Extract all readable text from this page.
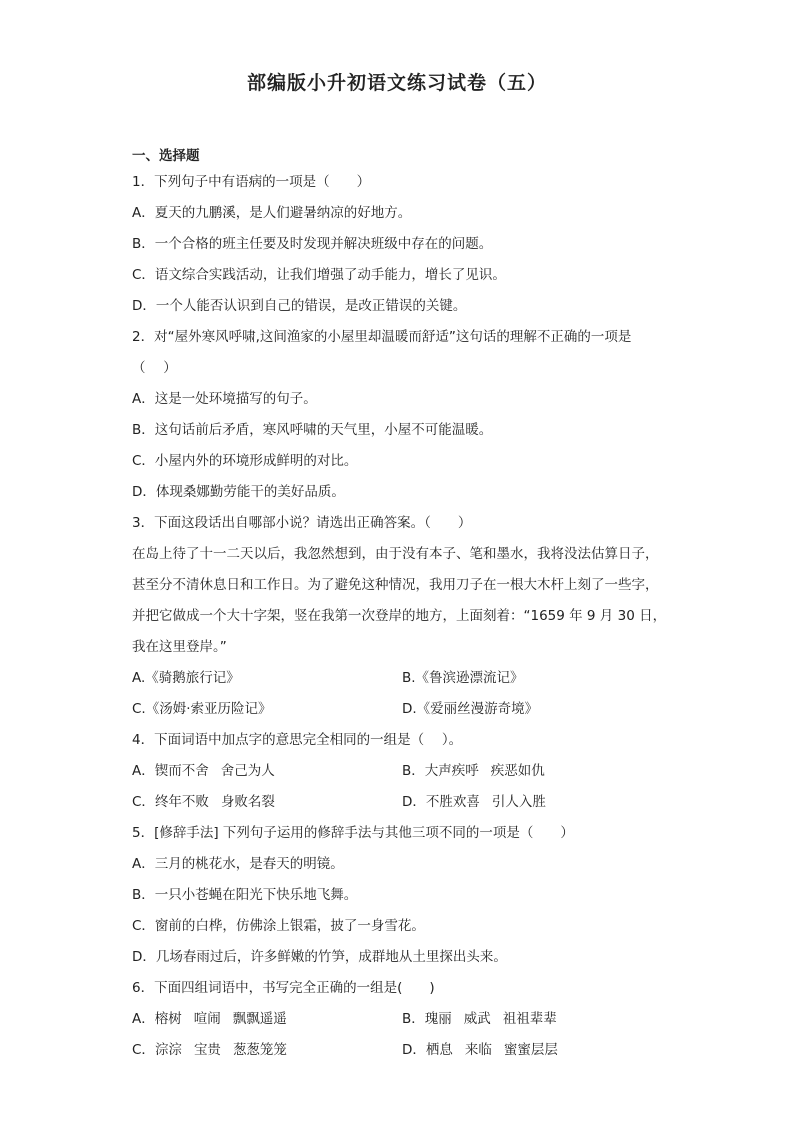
部编版小升初语文练习试卷（五）
一、选择题
1．下列句子中有语病的一项是（　　）
A．夏天的九鹏溪，是人们避暑纳凉的好地方。
B．一个合格的班主任要及时发现并解决班级中存在的问题。
C．语文综合实践活动，让我们增强了动手能力，增长了见识。
D．一个人能否认识到自己的错误，是改正错误的关键。
2．对“屋外寒风呼啸,这间渔家的小屋里却温暖而舒适”这句话的理解不正确的一项是
（　 ）
A．这是一处环境描写的句子。
B．这句话前后矛盾，寒风呼啸的天气里，小屋不可能温暖。
C．小屋内外的环境形成鲜明的对比。
D．体现桑娜勤劳能干的美好品质。
3．下面这段话出自哪部小说？请选出正确答案。（　　）
在岛上待了十一二天以后，我忽然想到，由于没有本子、笔和墨水，我将没法估算日子，
甚至分不清休息日和工作日。为了避免这种情况，我用刀子在一根大木杆上刻了一些字，
并把它做成一个大十字架，竖在我第一次登岸的地方，上面刻着：“1659 年 9 月 30 日，
我在这里登岸。”
A.《骑鹅旅行记》	B.《鲁滨逊漂流记》
C.《汤姆·索亚历险记》	D.《爱丽丝漫游奇境》
4．下面词语中加点字的意思完全相同的一组是（　 ）。
A．锲而不舍 舍己为人	B．大声疾呼 疾恶如仇
C．终年不败 身败名裂	D．不胜欢喜 引人入胜
5．[修辞手法] 下列句子运用的修辞手法与其他三项不同的一项是（　　）
A．三月的桃花水，是春天的明镜。
B．一只小苍蝇在阳光下快乐地飞舞。
C．窗前的白桦，仿佛涂上银霜，披了一身雪花。
D．几场春雨过后，许多鲜嫩的竹笋，成群地从土里探出头来。
6．下面四组词语中，书写完全正确的一组是(　　)
A．榕树 喧闹 飘飘遥遥	B．瑰丽 威武 祖祖辈辈
C．淙淙 宝贵 葱葱笼笼	D．栖息 来临 蜜蜜层层
